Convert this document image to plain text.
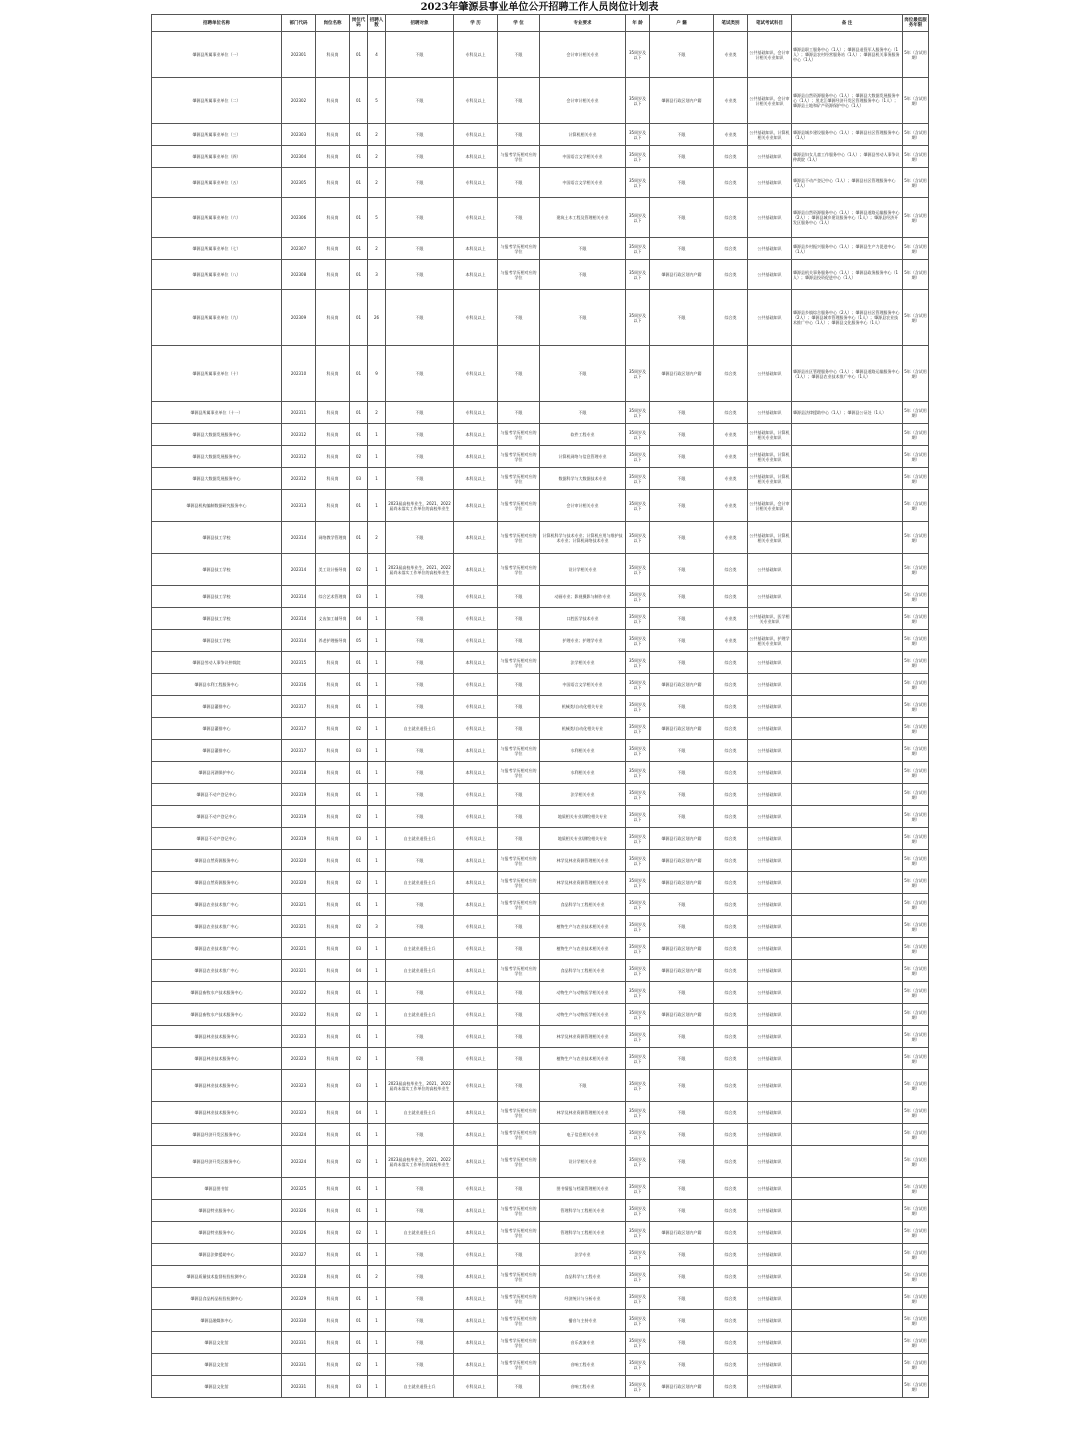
2023年肇源县事业单位公开招聘工作人员岗位计划表
招聘单位名称	部门代码	岗位名称	岗位代码	招聘人数	招聘对象	学 历	学 位	专业要求	年 龄	户 籍	笔试类别	笔试考试科目	备 注	岗位最低服务年限
肇源县所属事业单位（一）	202301	科员岗	01	4	不限	专科及以上	不限	会计审计相关专业	35周岁及以下	不限	专业类	公共基础知识、会计审计相关专业知识	肇源县职工服务中心（1人）；肇源县退役军人服务中心（1人）；肇源县农村经营服务站（1人）；肇源县机关事务服务中心（1人）	5年（含试用期）
肇源县所属事业单位（二）	202302	科员岗	01	5	不限	专科及以上	不限	会计审计相关专业	35周岁及以下	肇源县行政区划内户籍	专业类	公共基础知识、会计审计相关专业知识	肇源县自然资源服务中心（1人）；肇源县大数据发展服务中心（1人）；黑龙江肇源经济开发区管理服务中心（1人）；肇源县土地和矿产资源保护中心（1人）	5年（含试用期）
肇源县所属事业单位（三）	202303	科员岗	01	2	不限	专科及以上	不限	计算机相关专业	35周岁及以下	不限	专业类	公共基础知识、计算机相关专业知识	肇源县城乡建设服务中心（1人）；肇源县社区管理服务中心（1人）	5年（含试用期）
肇源县所属事业单位（四）	202304	科员岗	01	2	不限	本科及以上	与报考学历相对应的学位	中国语言文学相关专业	35周岁及以下	不限	综合类	公共基础知识	肇源县妇女儿童工作服务中心（1人）；肇源县劳动人事争议仲裁院（1人）	5年（含试用期）
肇源县所属事业单位（五）	202305	科员岗	01	2	不限	专科及以上	不限	中国语言文学相关专业	35周岁及以下	不限	综合类	公共基础知识	肇源县不动产登记中心（1人）；肇源县社区管理服务中心（1人）	5年（含试用期）
肇源县所属事业单位（六）	202306	科员岗	01	5	不限	专科及以上	不限	建筑土木工程及管理相关专业	35周岁及以下	不限	综合类	公共基础知识	肇源县自然资源服务中心（1人）；肇源县道路运输服务中心（2人）；肇源县城乡建设服务中心（1人）；肇源县经济开发区服务中心（1人）	5年（含试用期）
肇源县所属事业单位（七）	202307	科员岗	01	2	不限	本科及以上	与报考学历相对应的学位	不限	35周岁及以下	不限	综合类	公共基础知识	肇源县乡村振兴服务中心（1人）；肇源县生产力促进中心（1人）	5年（含试用期）
肇源县所属事业单位（八）	202308	科员岗	01	3	不限	本科及以上	与报考学历相对应的学位	不限	35周岁及以下	肇源县行政区划内户籍	综合类	公共基础知识	肇源县机关事务服务中心（1人）；肇源县政务服务中心（1人）；肇源县投资促进中心（1人）	5年（含试用期）
肇源县所属事业单位（九）	202309	科员岗	01	26	不限	专科及以上	不限	不限	35周岁及以下	不限	综合类	公共基础知识	肇源县乡镇综合服务中心（2人）；肇源县社区管理服务中心（2人）；肇源县城市管理服务中心（1人）；肇源县农业技术推广中心（1人）；肇源县文化服务中心（1人）	5年（含试用期）
肇源县所属事业单位（十）	202310	科员岗	01	9	不限	专科及以上	不限	不限	35周岁及以下	肇源县行政区划内户籍	综合类	公共基础知识	肇源县社区管理服务中心（1人）；肇源县道路运输服务中心（1人）；肇源县农业技术推广中心（1人）	5年（含试用期）
肇源县所属事业单位（十一）	202311	科员岗	01	2	不限	专科及以上	不限	不限	35周岁及以下	不限	综合类	公共基础知识	肇源县法律援助中心（1人）；肇源县公证处（1人）	5年（含试用期）
肇源县大数据发展服务中心	202312	科员岗	01	1	不限	本科及以上	与报考学历相对应的学位	软件工程专业	35周岁及以下	不限	专业类	公共基础知识、计算机相关专业知识		5年（含试用期）
肇源县大数据发展服务中心	202312	科员岗	02	1	不限	本科及以上	与报考学历相对应的学位	计算机网络与信息管理专业	35周岁及以下	不限	专业类	公共基础知识、计算机相关专业知识		5年（含试用期）
肇源县大数据发展服务中心	202312	科员岗	03	1	不限	本科及以上	与报考学历相对应的学位	数据科学与大数据技术专业	35周岁及以下	不限	专业类	公共基础知识、计算机相关专业知识		5年（含试用期）
肇源县机构编制数据研究服务中心	202313	科员岗	01	1	2023届高校毕业生，2021、2022届尚未落实工作单位的高校毕业生	本科及以上	与报考学历相对应的学位	会计审计相关专业	35周岁及以下	不限	专业类	公共基础知识、会计审计相关专业知识		5年（含试用期）
肇源县技工学校	202314	网络教学管理岗	01	2	不限	本科及以上	与报考学历相对应的学位	计算机科学与技术专业；计算机应用与维护技术专业；计算机网络技术专业	35周岁及以下	不限	专业类	公共基础知识、计算机相关专业知识		5年（含试用期）
肇源县技工学校	202314	美工设计指导岗	02	1	2023届高校毕业生，2021、2022届尚未落实工作单位的高校毕业生	本科及以上	与报考学历相对应的学位	设计学相关专业	35周岁及以下	不限	综合类	公共基础知识		5年（含试用期）
肇源县技工学校	202314	综合艺术管理岗	03	1	不限	专科及以上	不限	动画专业；影视摄影与制作专业	35周岁及以下	不限	综合类	公共基础知识		5年（含试用期）
肇源县技工学校	202314	义齿加工辅导岗	04	1	不限	专科及以上	不限	口腔医学技术专业	35周岁及以下	不限	专业类	公共基础知识、医学相关专业知识		5年（含试用期）
肇源县技工学校	202314	养老护理指导岗	05	1	不限	专科及以上	不限	护理专业；护理学专业	35周岁及以下	不限	专业类	公共基础知识、护理学相关专业知识		5年（含试用期）
肇源县劳动人事争议仲裁院	202315	科员岗	01	1	不限	本科及以上	与报考学历相对应的学位	法学相关专业	35周岁及以下	不限	综合类	公共基础知识		5年（含试用期）
肇源县水利工程服务中心	202316	科员岗	01	1	不限	专科及以上	不限	中国语言文学相关专业	35周岁及以下	肇源县行政区划内户籍	综合类	公共基础知识		5年（含试用期）
肇源县灌排中心	202317	科员岗	01	1	不限	专科及以上	不限	机械类/自动化相关专业	35周岁及以下	不限	综合类	公共基础知识		5年（含试用期）
肇源县灌排中心	202317	科员岗	02	1	自主就业退役士兵	专科及以上	不限	机械类/自动化相关专业	35周岁及以下	肇源县行政区划内户籍	综合类	公共基础知识		5年（含试用期）
肇源县灌排中心	202317	科员岗	03	1	不限	本科及以上	与报考学历相对应的学位	水利相关专业	35周岁及以下	不限	综合类	公共基础知识		5年（含试用期）
肇源县河湖保护中心	202318	科员岗	01	1	不限	本科及以上	与报考学历相对应的学位	水利相关专业	35周岁及以下	不限	综合类	公共基础知识		5年（含试用期）
肇源县不动产登记中心	202319	科员岗	01	1	不限	专科及以上	不限	法学相关专业	35周岁及以下	不限	综合类	公共基础知识		5年（含试用期）
肇源县不动产登记中心	202319	科员岗	02	1	不限	专科及以上	不限	地质相关专业/测绘相关专业	35周岁及以下	不限	综合类	公共基础知识		5年（含试用期）
肇源县不动产登记中心	202319	科员岗	03	1	自主就业退役士兵	专科及以上	不限	地质相关专业/测绘相关专业	35周岁及以下	肇源县行政区划内户籍	综合类	公共基础知识		5年（含试用期）
肇源县自然资源服务中心	202320	科员岗	01	1	不限	本科及以上	与报考学历相对应的学位	林学及林业资源管理相关专业	35周岁及以下	肇源县行政区划内户籍	综合类	公共基础知识		5年（含试用期）
肇源县自然资源服务中心	202320	科员岗	02	1	自主就业退役士兵	本科及以上	与报考学历相对应的学位	林学及林业资源管理相关专业	35周岁及以下	肇源县行政区划内户籍	综合类	公共基础知识		5年（含试用期）
肇源县农业技术推广中心	202321	科员岗	01	1	不限	本科及以上	与报考学历相对应的学位	食品科学与工程相关专业	35周岁及以下	不限	综合类	公共基础知识		5年（含试用期）
肇源县农业技术推广中心	202321	科员岗	02	3	不限	专科及以上	不限	植物生产与农业技术相关专业	35周岁及以下	不限	综合类	公共基础知识		5年（含试用期）
肇源县农业技术推广中心	202321	科员岗	03	1	自主就业退役士兵	专科及以上	不限	植物生产与农业技术相关专业	35周岁及以下	肇源县行政区划内户籍	综合类	公共基础知识		5年（含试用期）
肇源县农业技术推广中心	202321	科员岗	04	1	自主就业退役士兵	本科及以上	与报考学历相对应的学位	食品科学与工程相关专业	35周岁及以下	肇源县行政区划内户籍	综合类	公共基础知识		5年（含试用期）
肇源县畜牧水产技术服务中心	202322	科员岗	01	1	不限	专科及以上	不限	动物生产与动物医学相关专业	35周岁及以下	不限	综合类	公共基础知识		5年（含试用期）
肇源县畜牧水产技术服务中心	202322	科员岗	02	1	自主就业退役士兵	专科及以上	不限	动物生产与动物医学相关专业	35周岁及以下	肇源县行政区划内户籍	综合类	公共基础知识		5年（含试用期）
肇源县林业技术服务中心	202323	科员岗	01	1	不限	专科及以上	不限	林学及林业资源管理相关专业	35周岁及以下	不限	综合类	公共基础知识		5年（含试用期）
肇源县林业技术服务中心	202323	科员岗	02	1	不限	专科及以上	不限	植物生产与农业技术相关专业	35周岁及以下	不限	综合类	公共基础知识		5年（含试用期）
肇源县林业技术服务中心	202323	科员岗	03	1	2023届高校毕业生，2021、2022届尚未落实工作单位的高校毕业生	专科及以上	不限	不限	35周岁及以下	不限	综合类	公共基础知识		5年（含试用期）
肇源县林业技术服务中心	202323	科员岗	04	1	自主就业退役士兵	本科及以上	与报考学历相对应的学位	林学及林业资源管理相关专业	35周岁及以下	不限	综合类	公共基础知识		5年（含试用期）
肇源县经济开发区服务中心	202324	科员岗	01	1	不限	本科及以上	与报考学历相对应的学位	电子信息相关专业	35周岁及以下	不限	综合类	公共基础知识		5年（含试用期）
肇源县经济开发区服务中心	202324	科员岗	02	1	2023届高校毕业生，2021、2022届尚未落实工作单位的高校毕业生	本科及以上	与报考学历相对应的学位	设计学相关专业	35周岁及以下	不限	综合类	公共基础知识		5年（含试用期）
肇源县图书馆	202325	科员岗	01	1	不限	专科及以上	不限	图书情报与档案管理相关专业	35周岁及以下	不限	综合类	公共基础知识		5年（含试用期）
肇源县特业服务中心	202326	科员岗	01	1	不限	本科及以上	与报考学历相对应的学位	管理科学与工程相关专业	35周岁及以下	不限	综合类	公共基础知识		5年（含试用期）
肇源县特业服务中心	202326	科员岗	02	1	自主就业退役士兵	本科及以上	与报考学历相对应的学位	管理科学与工程相关专业	35周岁及以下	肇源县行政区划内户籍	综合类	公共基础知识		5年（含试用期）
肇源县法律援助中心	202327	科员岗	01	1	不限	专科及以上	不限	法学专业	35周岁及以下	不限	综合类	公共基础知识		5年（含试用期）
肇源县质量技术监督检验检测中心	202328	科员岗	01	2	不限	本科及以上	与报考学历相对应的学位	食品科学与工程专业	35周岁及以下	不限	综合类	公共基础知识		5年（含试用期）
肇源县食品药品检验检测中心	202329	科员岗	01	1	不限	本科及以上	与报考学历相对应的学位	经济统计与分析专业	35周岁及以下	不限	综合类	公共基础知识		5年（含试用期）
肇源县融媒体中心	202330	科员岗	01	1	不限	本科及以上	与报考学历相对应的学位	播音与主持专业	35周岁及以下	不限	综合类	公共基础知识		5年（含试用期）
肇源县文化馆	202331	科员岗	01	1	不限	本科及以上	与报考学历相对应的学位	音乐表演专业	35周岁及以下	不限	综合类	公共基础知识		5年（含试用期）
肇源县文化馆	202331	科员岗	02	1	不限	本科及以上	与报考学历相对应的学位	音响工程专业	35周岁及以下	不限	综合类	公共基础知识		5年（含试用期）
肇源县文化馆	202331	科员岗	03	1	自主就业退役士兵	专科及以上	不限	音响工程专业	35周岁及以下	肇源县行政区划内户籍	综合类	公共基础知识		5年（含试用期）
